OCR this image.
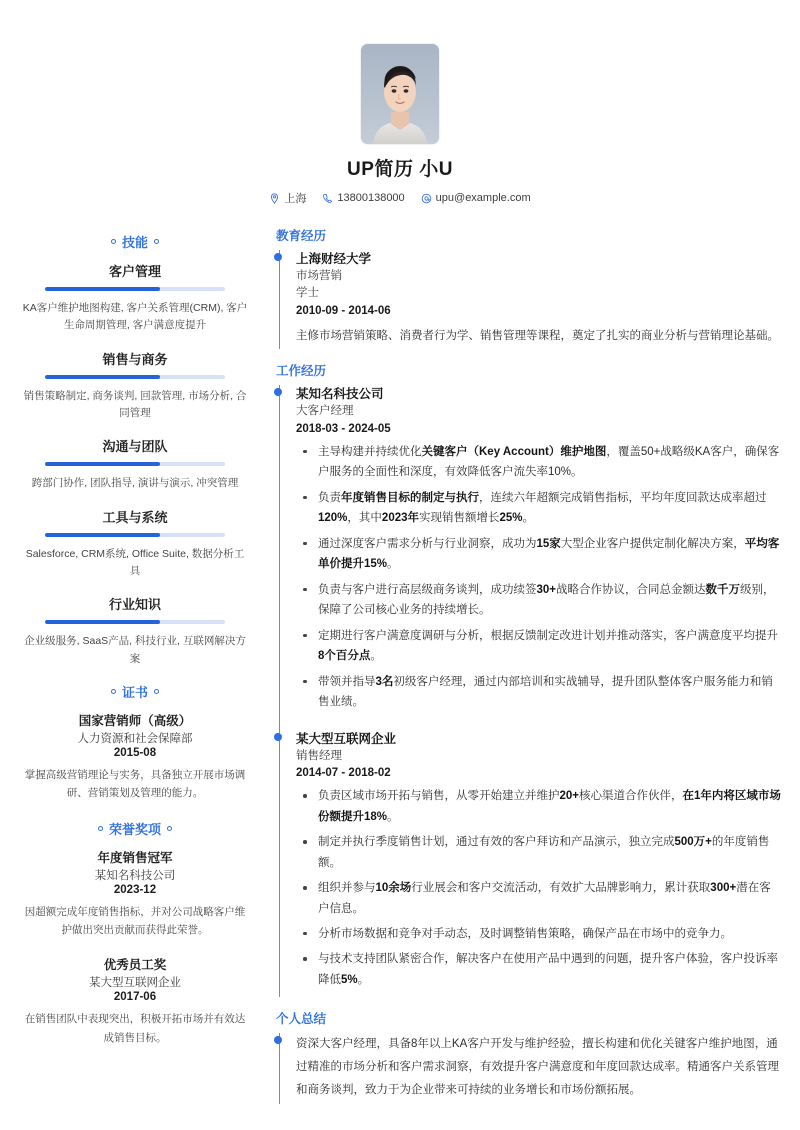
UP简历 小U
上海	13800138000	upu@example.com
技能
客户管理
KA客户维护地图构建, 客户关系管理(CRM), 客户生命周期管理, 客户满意度提升
销售与商务
销售策略制定, 商务谈判, 回款管理, 市场分析, 合同管理
沟通与团队
跨部门协作, 团队指导, 演讲与演示, 冲突管理
工具与系统
Salesforce, CRM系统, Office Suite, 数据分析工具
行业知识
企业级服务, SaaS产品, 科技行业, 互联网解决方案
证书
国家营销师（高级）
人力资源和社会保障部
2015-08
掌握高级营销理论与实务，具备独立开展市场调研、营销策划及管理的能力。
荣誉奖项
年度销售冠军
某知名科技公司
2023-12
因超额完成年度销售指标，并对公司战略客户维护做出突出贡献而获得此荣誉。
优秀员工奖
某大型互联网企业
2017-06
在销售团队中表现突出，积极开拓市场并有效达成销售目标。
教育经历
上海财经大学
市场营销
学士
2010-09 - 2014-06
主修市场营销策略、消费者行为学、销售管理等课程，奠定了扎实的商业分析与营销理论基础。
工作经历
某知名科技公司
大客户经理
2018-03 - 2024-05
主导构建并持续优化关键客户（Key Account）维护地图，覆盖50+战略级KA客户，确保客户服务的全面性和深度，有效降低客户流失率10%。
负责年度销售目标的制定与执行，连续六年超额完成销售指标，平均年度回款达成率超过120%，其中2023年实现销售额增长25%。
通过深度客户需求分析与行业洞察，成功为15家大型企业客户提供定制化解决方案，平均客单价提升15%。
负责与客户进行高层级商务谈判，成功续签30+战略合作协议，合同总金额达数千万级别，保障了公司核心业务的持续增长。
定期进行客户满意度调研与分析，根据反馈制定改进计划并推动落实，客户满意度平均提升8个百分点。
带领并指导3名初级客户经理，通过内部培训和实战辅导，提升团队整体客户服务能力和销售业绩。
某大型互联网企业
销售经理
2014-07 - 2018-02
负责区域市场开拓与销售，从零开始建立并维护20+核心渠道合作伙伴，在1年内将区域市场份额提升18%。
制定并执行季度销售计划，通过有效的客户拜访和产品演示，独立完成500万+的年度销售额。
组织并参与10余场行业展会和客户交流活动，有效扩大品牌影响力，累计获取300+潜在客户信息。
分析市场数据和竞争对手动态，及时调整销售策略，确保产品在市场中的竞争力。
与技术支持团队紧密合作，解决客户在使用产品中遇到的问题，提升客户体验，客户投诉率降低5%。
个人总结
资深大客户经理，具备8年以上KA客户开发与维护经验，擅长构建和优化关键客户维护地图，通过精准的市场分析和客户需求洞察，有效提升客户满意度和年度回款达成率。精通客户关系管理和商务谈判，致力于为企业带来可持续的业务增长和市场份额拓展。
